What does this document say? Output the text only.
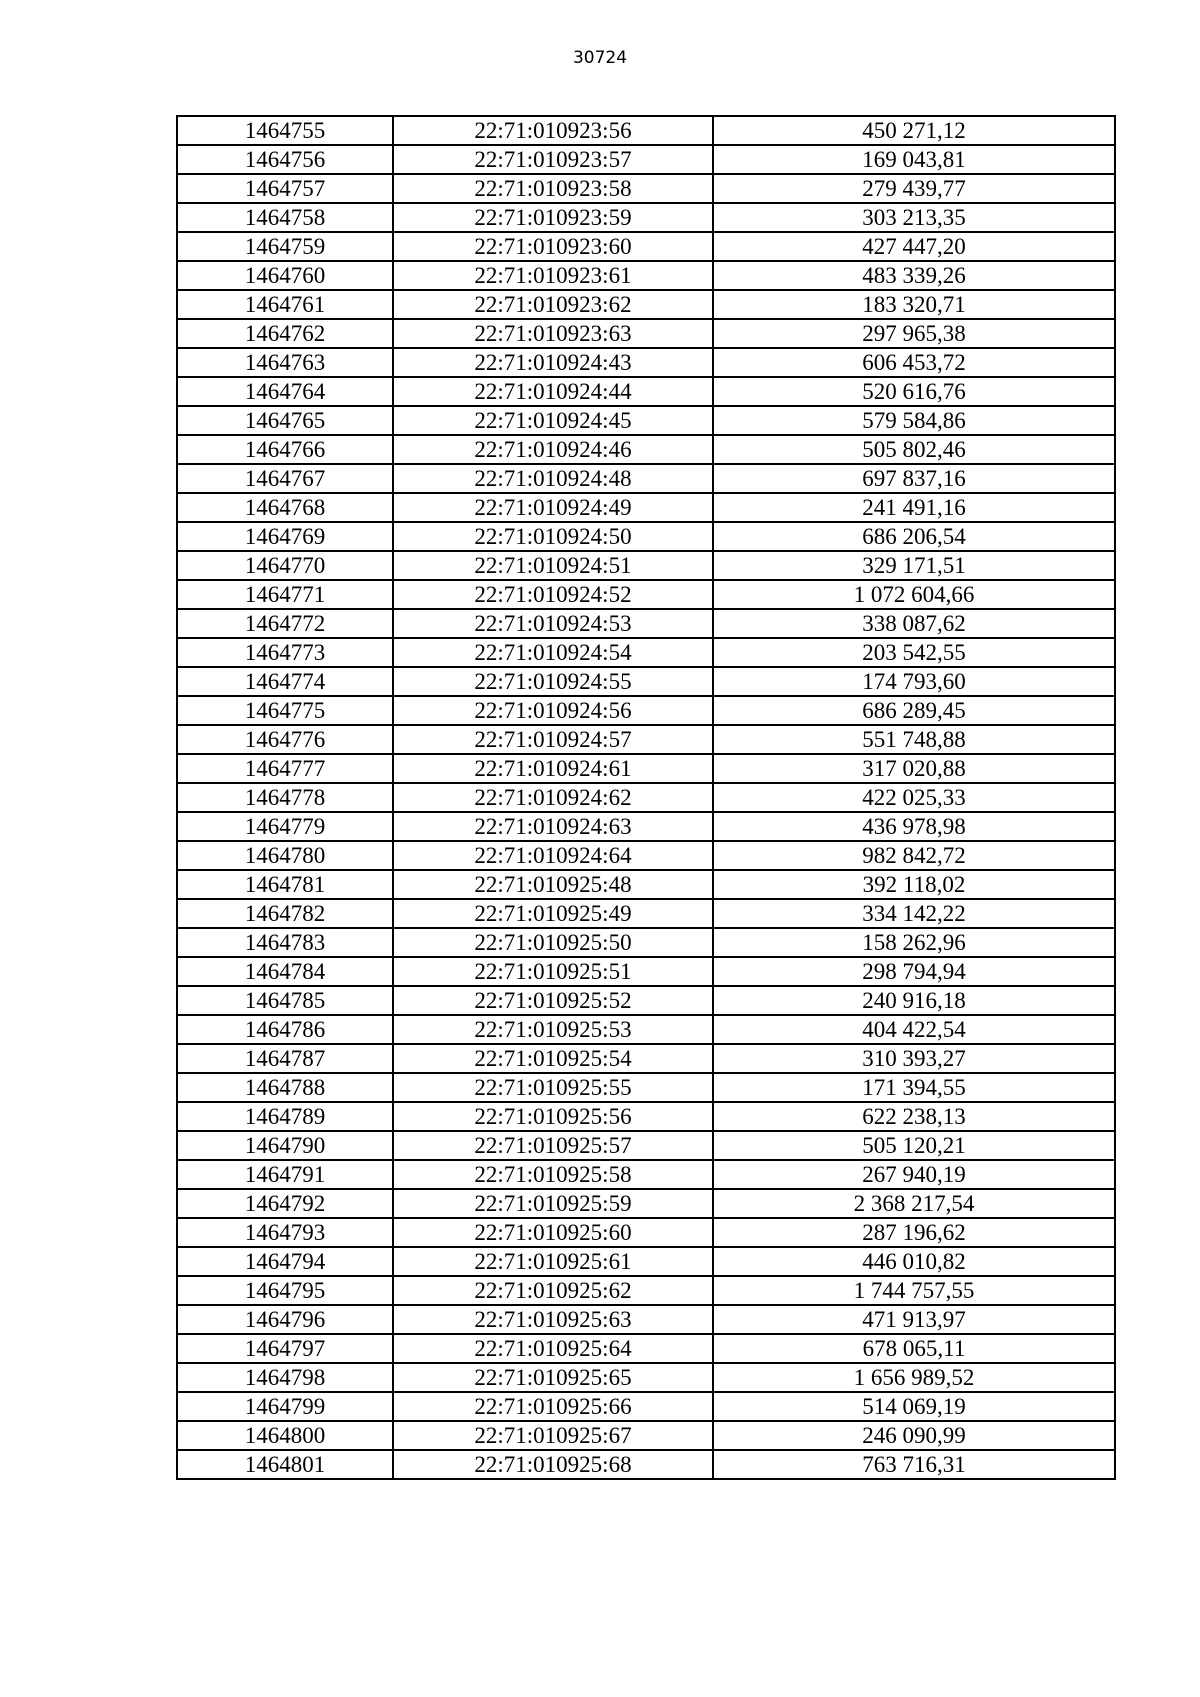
30724
1464755	22:71:010923:56	450 271,12
1464756	22:71:010923:57	169 043,81
1464757	22:71:010923:58	279 439,77
1464758	22:71:010923:59	303 213,35
1464759	22:71:010923:60	427 447,20
1464760	22:71:010923:61	483 339,26
1464761	22:71:010923:62	183 320,71
1464762	22:71:010923:63	297 965,38
1464763	22:71:010924:43	606 453,72
1464764	22:71:010924:44	520 616,76
1464765	22:71:010924:45	579 584,86
1464766	22:71:010924:46	505 802,46
1464767	22:71:010924:48	697 837,16
1464768	22:71:010924:49	241 491,16
1464769	22:71:010924:50	686 206,54
1464770	22:71:010924:51	329 171,51
1464771	22:71:010924:52	1 072 604,66
1464772	22:71:010924:53	338 087,62
1464773	22:71:010924:54	203 542,55
1464774	22:71:010924:55	174 793,60
1464775	22:71:010924:56	686 289,45
1464776	22:71:010924:57	551 748,88
1464777	22:71:010924:61	317 020,88
1464778	22:71:010924:62	422 025,33
1464779	22:71:010924:63	436 978,98
1464780	22:71:010924:64	982 842,72
1464781	22:71:010925:48	392 118,02
1464782	22:71:010925:49	334 142,22
1464783	22:71:010925:50	158 262,96
1464784	22:71:010925:51	298 794,94
1464785	22:71:010925:52	240 916,18
1464786	22:71:010925:53	404 422,54
1464787	22:71:010925:54	310 393,27
1464788	22:71:010925:55	171 394,55
1464789	22:71:010925:56	622 238,13
1464790	22:71:010925:57	505 120,21
1464791	22:71:010925:58	267 940,19
1464792	22:71:010925:59	2 368 217,54
1464793	22:71:010925:60	287 196,62
1464794	22:71:010925:61	446 010,82
1464795	22:71:010925:62	1 744 757,55
1464796	22:71:010925:63	471 913,97
1464797	22:71:010925:64	678 065,11
1464798	22:71:010925:65	1 656 989,52
1464799	22:71:010925:66	514 069,19
1464800	22:71:010925:67	246 090,99
1464801	22:71:010925:68	763 716,31
